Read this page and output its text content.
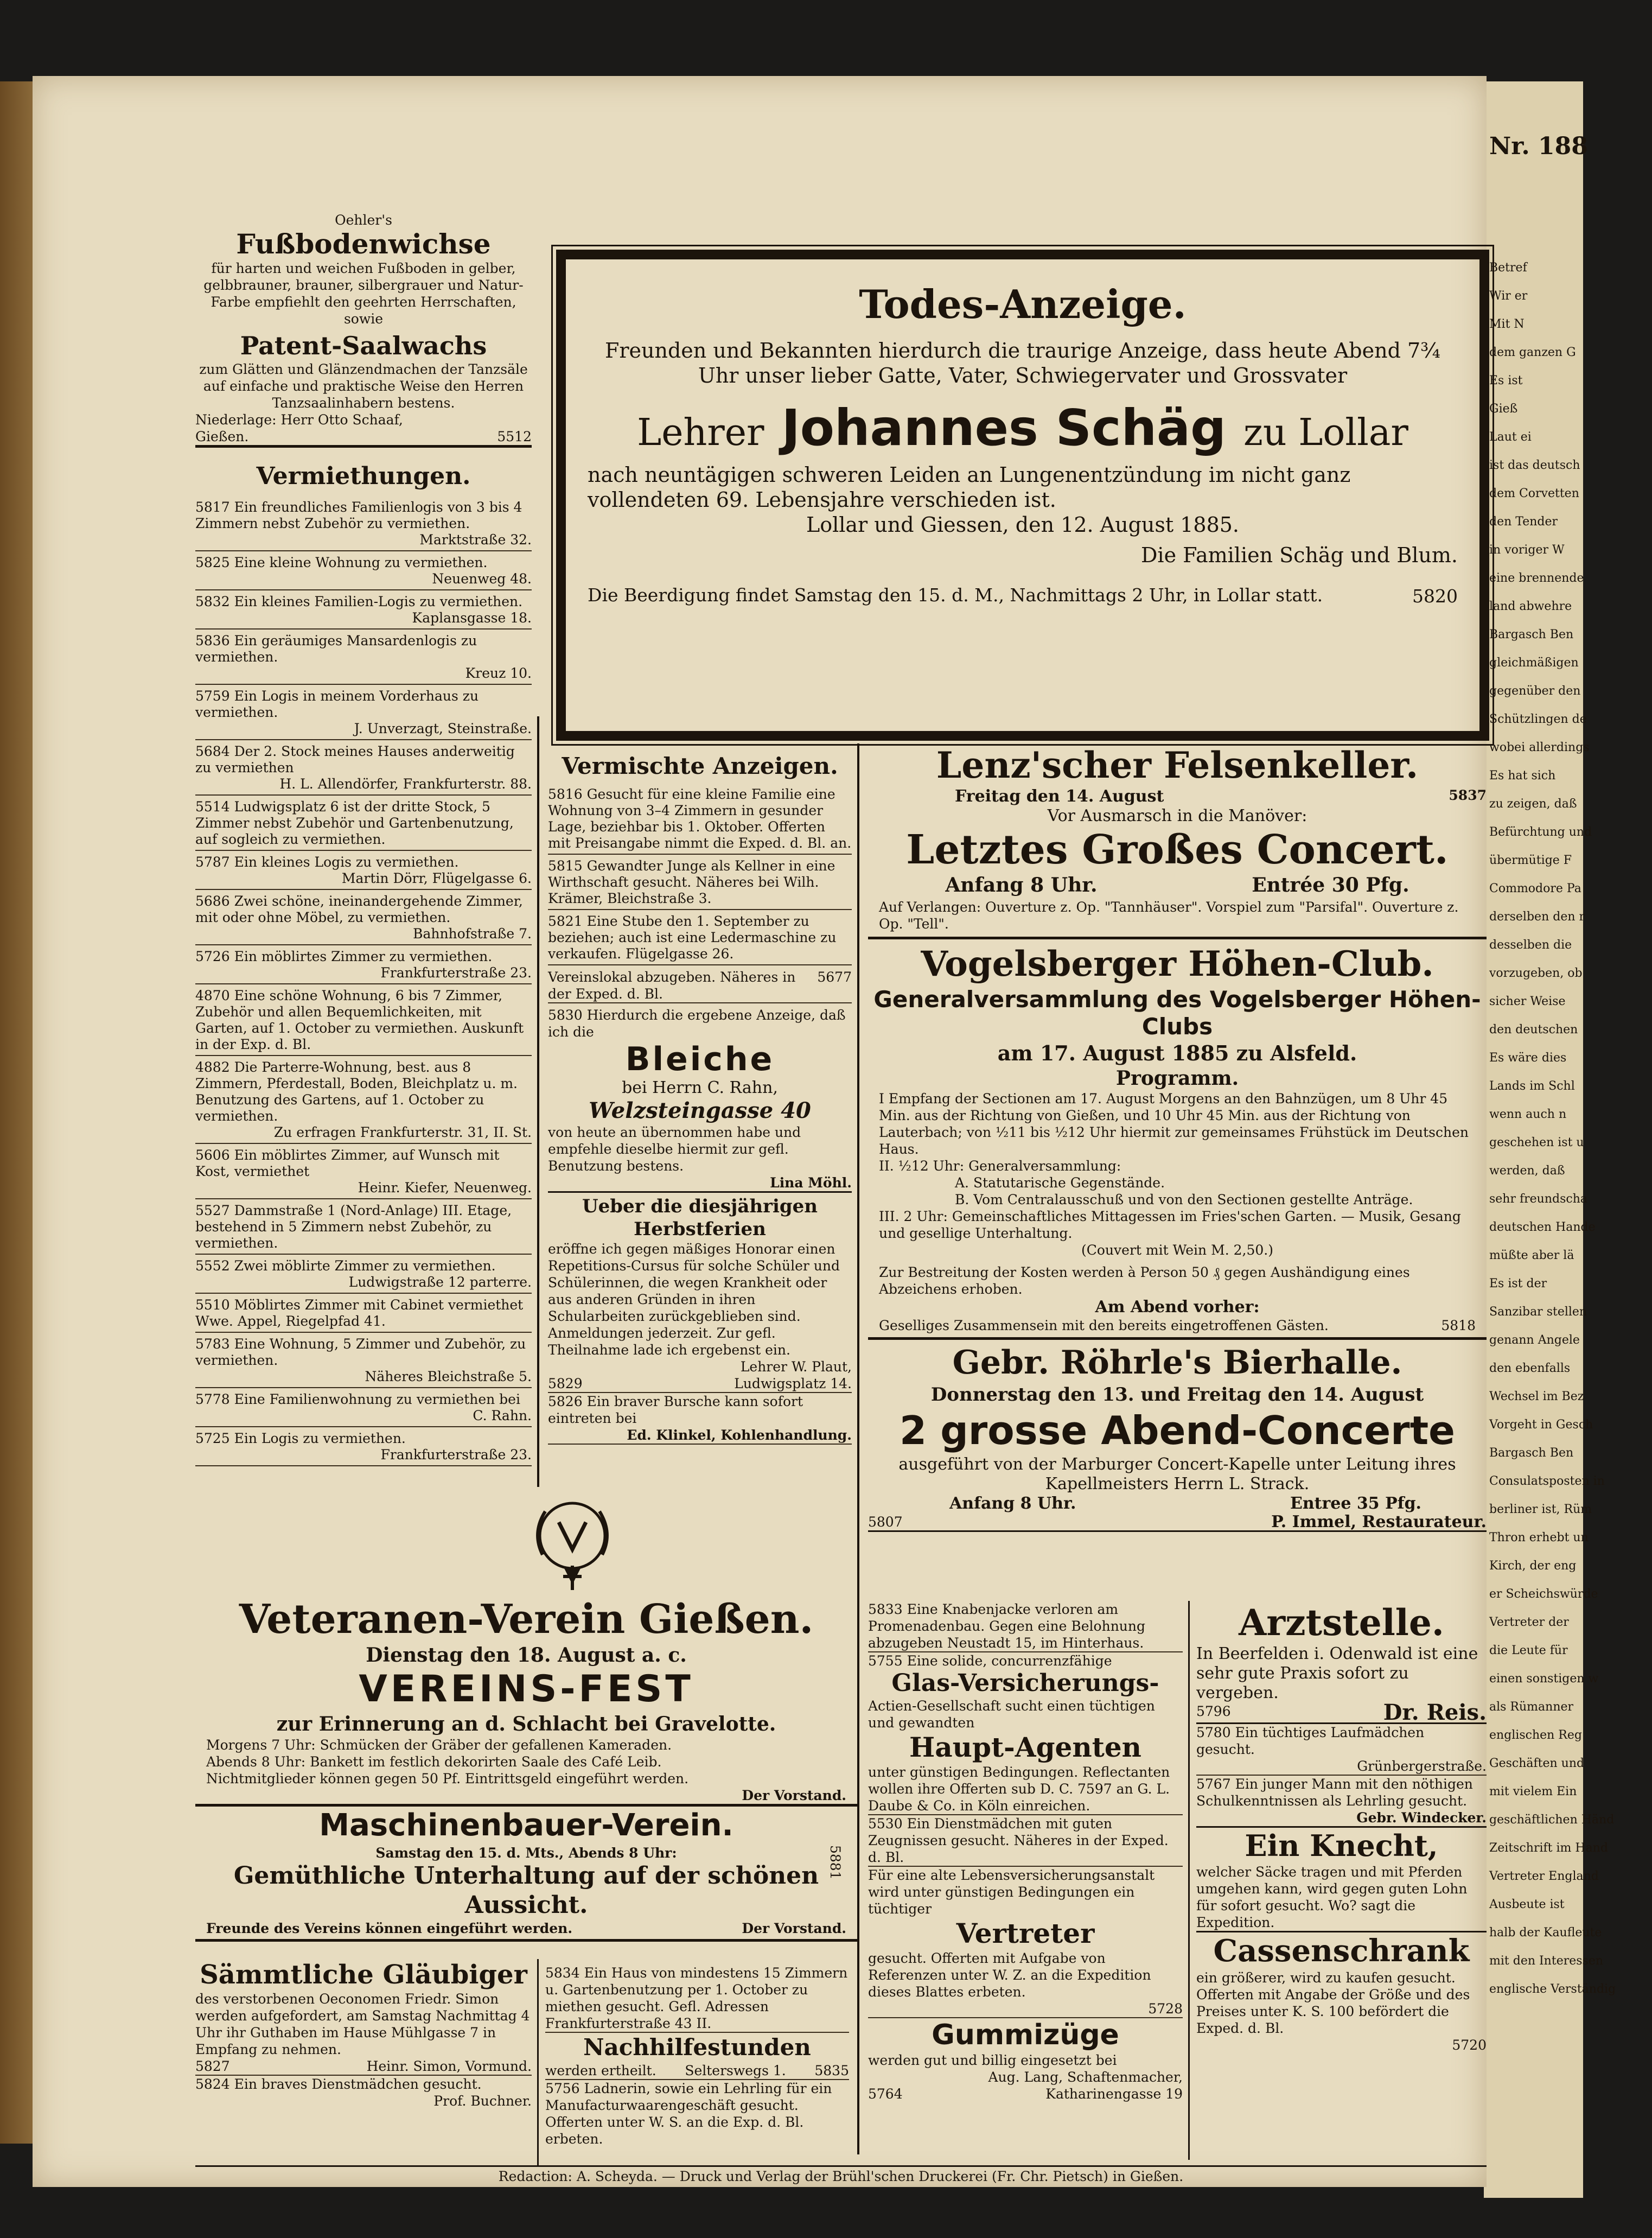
Nr. 188
Betref
Wir er
Mit N
dem ganzen G
Es ist
Gieß
Laut ei
ist das deutsch
dem Corvetten
den Tender
in voriger W
eine brennende
land abwehre
Bargasch Ben
gleichmäßigen
gegenüber den
Schützlingen de
wobei allerdings
Es hat sich
zu zeigen, daß
Befürchtung und
übermütige F
Commodore Pa
derselben den r
desselben die
vorzugeben, ob
sicher Weise
den deutschen
Es wäre dies
Lands im Schl
wenn auch n
geschehen ist u
werden, daß
sehr freundscha
deutschen Hande
müßte aber lä
Es ist der
Sanzibar stellen
genann Angele
den ebenfalls
Wechsel im Bez
Vorgeht in Gesch
Bargasch Ben
Consulatsposten in
berliner ist, Rüm
Thron erhebt un
Kirch, der eng
er Scheichswürde
Vertreter der
die Leute für
einen sonstigen w
als Rümanner
englischen Reg
Geschäften und
mit vielem Ein
geschäftlichen Händ
Zeitschrift im Hand
Vertreter England
Ausbeute ist
halb der Kaufleute
mit den Interessen
englische Verständig
Oehler's
Fußbodenwichse
für harten und weichen Fußboden in gelber, gelbbrauner, brauner, silbergrauer und Natur-Farbe empfiehlt den geehrten Herrschaften, sowie
Patent-Saalwachs
zum Glätten und Glänzendmachen der Tanzsäle auf einfache und praktische Weise den Herren Tanzsaalinhabern bestens.
Niederlage: Herr Otto Schaaf,
Gießen.	5512
Vermiethungen.
5817 Ein freundliches Familienlogis von 3 bis 4 Zimmern nebst Zubehör zu vermiethen.
Marktstraße 32.
5825 Eine kleine Wohnung zu vermiethen.
Neuenweg 48.
5832 Ein kleines Familien-Logis zu vermiethen.
Kaplansgasse 18.
5836 Ein geräumiges Mansardenlogis zu vermiethen.
Kreuz 10.
5759 Ein Logis in meinem Vorderhaus zu vermiethen.
J. Unverzagt, Steinstraße.
5684 Der 2. Stock meines Hauses anderweitig zu vermiethen
H. L. Allendörfer, Frankfurterstr. 88.
5514 Ludwigsplatz 6 ist der dritte Stock, 5 Zimmer nebst Zubehör und Gartenbenutzung, auf sogleich zu vermiethen.
5787 Ein kleines Logis zu vermiethen.
Martin Dörr, Flügelgasse 6.
5686 Zwei schöne, ineinandergehende Zimmer, mit oder ohne Möbel, zu vermiethen.
Bahnhofstraße 7.
5726 Ein möblirtes Zimmer zu vermiethen.
Frankfurterstraße 23.
4870 Eine schöne Wohnung, 6 bis 7 Zimmer, Zubehör und allen Bequemlichkeiten, mit Garten, auf 1. October zu vermiethen. Auskunft in der Exp. d. Bl.
4882 Die Parterre-Wohnung, best. aus 8 Zimmern, Pferdestall, Boden, Bleichplatz u. m. Benutzung des Gartens, auf 1. October zu vermiethen.
Zu erfragen Frankfurterstr. 31, II. St.
5606 Ein möblirtes Zimmer, auf Wunsch mit Kost, vermiethet
Heinr. Kiefer, Neuenweg.
5527 Dammstraße 1 (Nord-Anlage) III. Etage, bestehend in 5 Zimmern nebst Zubehör, zu vermiethen.
5552 Zwei möblirte Zimmer zu vermiethen.
Ludwigstraße 12 parterre.
5510 Möblirtes Zimmer mit Cabinet vermiethet Wwe. Appel, Riegelpfad 41.
5783 Eine Wohnung, 5 Zimmer und Zubehör, zu vermiethen.
Näheres Bleichstraße 5.
5778 Eine Familienwohnung zu vermiethen bei
C. Rahn.
5725 Ein Logis zu vermiethen.
Frankfurterstraße 23.
Todes-Anzeige.
Freunden und Bekannten hierdurch die traurige Anzeige, dass heute Abend 7¾ Uhr unser lieber Gatte, Vater, Schwiegervater und Grossvater
Lehrer Johannes Schäg zu Lollar
nach neuntägigen schweren Leiden an Lungenentzündung im nicht ganz vollendeten 69. Lebensjahre verschieden ist.
Lollar und Giessen, den 12. August 1885.
Die Familien Schäg und Blum.
Die Beerdigung findet Samstag den 15. d. M., Nachmittags 2 Uhr, in Lollar statt.	5820
Vermischte Anzeigen.
5816 Gesucht für eine kleine Familie eine Wohnung von 3–4 Zimmern in gesunder Lage, beziehbar bis 1. Oktober. Offerten mit Preisangabe nimmt die Exped. d. Bl. an.
5815 Gewandter Junge als Kellner in eine Wirthschaft gesucht. Näheres bei Wilh. Krämer, Bleichstraße 3.
5821 Eine Stube den 1. September zu beziehen; auch ist eine Ledermaschine zu verkaufen. Flügelgasse 26.
Vereinslokal abzugeben. Näheres in der Exped. d. Bl.
5677
5830 Hierdurch die ergebene Anzeige, daß ich die
Bleiche
bei Herrn C. Rahn,
Welzsteingasse 40
von heute an übernommen habe und empfehle dieselbe hiermit zur gefl. Benutzung bestens.
Lina Möhl.
Ueber die diesjährigen Herbstferien
eröffne ich gegen mäßiges Honorar einen Repetitions-Cursus für solche Schüler und Schülerinnen, die wegen Krankheit oder aus anderen Gründen in ihren Schularbeiten zurückgeblieben sind. Anmeldungen jederzeit. Zur gefl. Theilnahme lade ich ergebenst ein.
Lehrer W. Plaut,
5829	Ludwigsplatz 14.
5826 Ein braver Bursche kann sofort eintreten bei
Ed. Klinkel, Kohlenhandlung.
Lenz'scher Felsenkeller.
Freitag den 14. August	5837
Vor Ausmarsch in die Manöver:
Letztes Großes Concert.
Anfang 8 Uhr.	Entrée 30 Pfg.
Auf Verlangen: Ouverture z. Op. "Tannhäuser". Vorspiel zum "Parsifal". Ouverture z. Op. "Tell".
Vogelsberger Höhen-Club.
Generalversammlung des Vogelsberger Höhen-Clubs
am 17. August 1885 zu Alsfeld.
Programm.
I Empfang der Sectionen am 17. August Morgens an den Bahnzügen, um 8 Uhr 45 Min. aus der Richtung von Gießen, und 10 Uhr 45 Min. aus der Richtung von Lauterbach; von ½11 bis ½12 Uhr hiermit zur gemeinsames Frühstück im Deutschen Haus.
II. ½12 Uhr: Generalversammlung:
A. Statutarische Gegenstände.
B. Vom Centralausschuß und von den Sectionen gestellte Anträge.
III. 2 Uhr: Gemeinschaftliches Mittagessen im Fries'schen Garten. — Musik, Gesang und gesellige Unterhaltung.
(Couvert mit Wein M. 2,50.)
Zur Bestreitung der Kosten werden à Person 50 ₰ gegen Aushändigung eines Abzeichens erhoben.
Am Abend vorher:
Geselliges Zusammensein mit den bereits eingetroffenen Gästen.	5818
Gebr. Röhrle's Bierhalle.
Donnerstag den 13. und Freitag den 14. August
2 grosse Abend-Concerte
ausgeführt von der Marburger Concert-Kapelle unter Leitung ihres Kapellmeisters Herrn L. Strack.
Entree 35 Pfg.
Anfang 8 Uhr.
5807	P. Immel, Restaurateur.
Veteranen-Verein Gießen.
Dienstag den 18. August a. c.
VEREINS-FEST
zur Erinnerung an d. Schlacht bei Gravelotte.
Morgens 7 Uhr: Schmücken der Gräber der gefallenen Kameraden.
Abends 8 Uhr: Bankett im festlich dekorirten Saale des Café Leib.
Nichtmitglieder können gegen 50 Pf. Eintrittsgeld eingeführt werden.
Der Vorstand.
Maschinenbauer-Verein.
Samstag den 15. d. Mts., Abends 8 Uhr:
Gemüthliche Unterhaltung auf der schönen Aussicht.
Freunde des Vereins können eingeführt werden.	Der Vorstand.
5881
Sämmtliche Gläubiger
des verstorbenen Oeconomen Friedr. Simon werden aufgefordert, am Samstag Nachmittag 4 Uhr ihr Guthaben im Hause Mühlgasse 7 in Empfang zu nehmen.
5827	Heinr. Simon, Vormund.
5824 Ein braves Dienstmädchen gesucht.
Prof. Buchner.
5834 Ein Haus von mindestens 15 Zimmern u. Gartenbenutzung per 1. October zu miethen gesucht. Gefl. Adressen Frankfurterstraße 43 II.
Nachhilfestunden
werden ertheilt. Selterswegs 1. 5835
5756 Ladnerin, sowie ein Lehrling für ein Manufacturwaarengeschäft gesucht. Offerten unter W. S. an die Exp. d. Bl. erbeten.
5833 Eine Knabenjacke verloren am Promenadenbau. Gegen eine Belohnung abzugeben Neustadt 15, im Hinterhaus.
5755 Eine solide, concurrenzfähige
Glas-Versicherungs-
Actien-Gesellschaft sucht einen tüchtigen und gewandten
Haupt-Agenten
unter günstigen Bedingungen. Reflectanten wollen ihre Offerten sub D. C. 7597 an G. L. Daube & Co. in Köln einreichen.
5530 Ein Dienstmädchen mit guten Zeugnissen gesucht. Näheres in der Exped. d. Bl.
Für eine alte Lebensversicherungsanstalt wird unter günstigen Bedingungen ein tüchtiger
Vertreter
gesucht. Offerten mit Aufgabe von Referenzen unter W. Z. an die Expedition dieses Blattes erbeten.
5728
Gummizüge
werden gut und billig eingesetzt bei
Aug. Lang, Schaftenmacher,
5764	Katharinengasse 19
Arztstelle.
In Beerfelden i. Odenwald ist eine sehr gute Praxis sofort zu vergeben.
5796	Dr. Reis.
5780 Ein tüchtiges Laufmädchen gesucht.
Grünbergerstraße.
5767 Ein junger Mann mit den nöthigen Schulkenntnissen als Lehrling gesucht.
Gebr. Windecker.
Ein Knecht,
welcher Säcke tragen und mit Pferden umgehen kann, wird gegen guten Lohn für sofort gesucht. Wo? sagt die Expedition.
Cassenschrank
ein größerer, wird zu kaufen gesucht. Offerten mit Angabe der Größe und des Preises unter K. S. 100 befördert die Exped. d. Bl.
5720
Redaction: A. Scheyda. — Druck und Verlag der Brühl'schen Druckerei (Fr. Chr. Pietsch) in Gießen.
